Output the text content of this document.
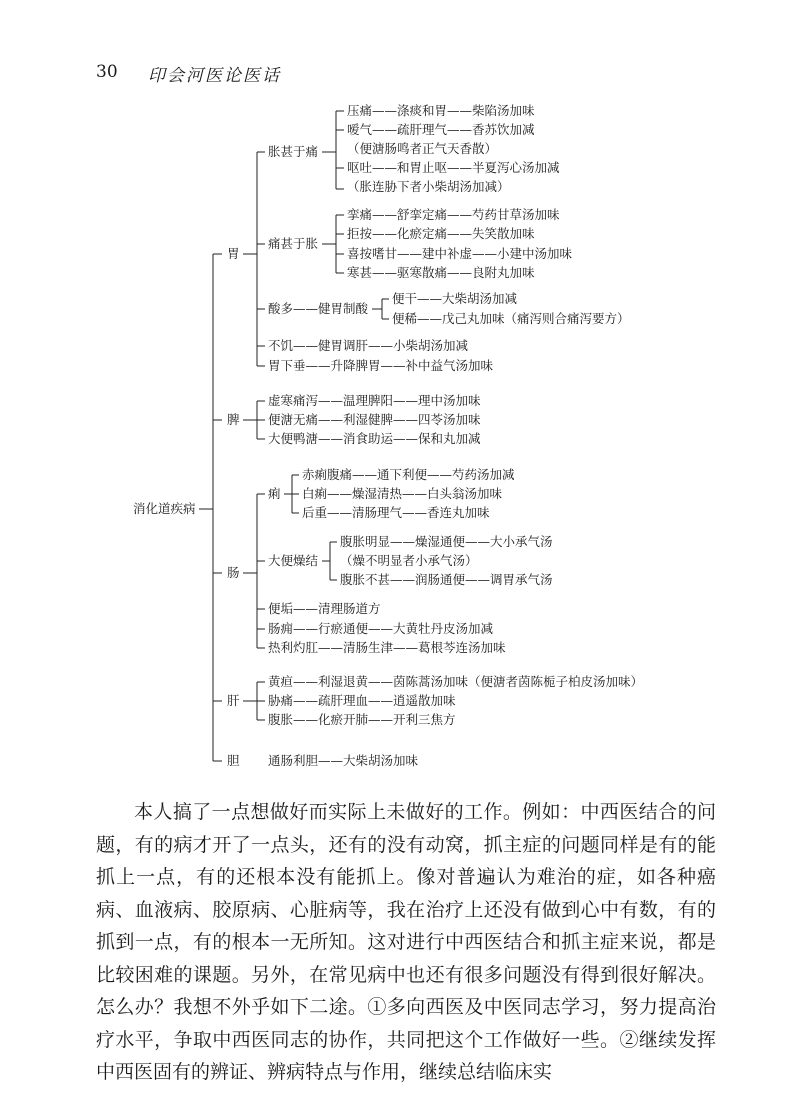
30 印会河医论医话
消化道疾病
胃
胀甚于痛
压痛——涤痰和胃——柴陷汤加味
嗳气——疏肝理气——香苏饮加减
（便溏肠鸣者正气天香散）
呕吐——和胃止呕——半夏泻心汤加减
（胀连胁下者小柴胡汤加减）
痛甚于胀
挛痛——舒挛定痛——芍药甘草汤加味
拒按——化瘀定痛——失笑散加味
喜按嗜甘——建中补虚——小建中汤加味
寒甚——驱寒散痛——良附丸加味
酸多——健胃制酸
便干——大柴胡汤加减
便稀——戊己丸加味（痛泻则合痛泻要方）
不饥——健胃调肝——小柴胡汤加减
胃下垂——升降脾胃——补中益气汤加味
脾
虚寒痛泻——温理脾阳——理中汤加味
便溏无痛——利湿健脾——四苓汤加味
大便鸭溏——消食助运——保和丸加减
肠
痢
赤痢腹痛——通下利便——芍药汤加减
白痢——燥湿清热——白头翁汤加味
后重——清肠理气——香连丸加味
大便燥结
腹胀明显——燥湿通便——大小承气汤
（燥不明显者小承气汤）
腹胀不甚——润肠通便——调胃承气汤
便垢——清理肠道方
肠痈——行瘀通便——大黄牡丹皮汤加减
热利灼肛——清肠生津——葛根芩连汤加味
肝
黄疸——利湿退黄——茵陈蒿汤加味（便溏者茵陈栀子柏皮汤加味）
胁痛——疏肝理血——逍遥散加味
腹胀——化瘀开肺——开利三焦方
胆 通肠利胆——大柴胡汤加味

本人搞了一点想做好而实际上未做好的工作。例如：中西医结合的问题，有的病才开了一点头，还有的没有动窝，抓主症的问题同样是有的能抓上一点，有的还根本没有能抓上。像对普遍认为难治的症，如各种癌病、血液病、胶原病、心脏病等，我在治疗上还没有做到心中有数，有的抓到一点，有的根本一无所知。这对进行中西医结合和抓主症来说，都是比较困难的课题。另外，在常见病中也还有很多问题没有得到很好解决。怎么办？我想不外乎如下二途。①多向西医及中医同志学习，努力提高治疗水平，争取中西医同志的协作，共同把这个工作做好一些。②继续发挥中西医固有的辨证、辨病特点与作用，继续总结临床实
